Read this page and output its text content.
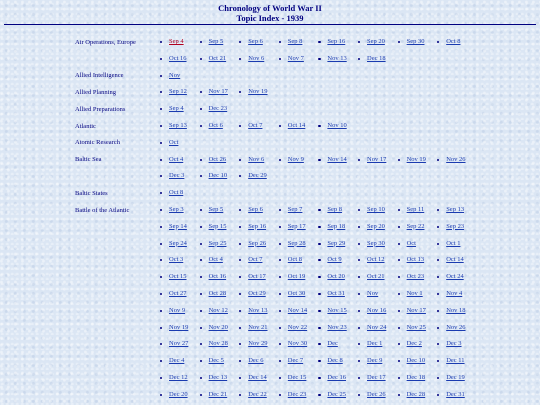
Chronology of World War II
Topic Index - 1939
Air Operations, Europe	Sep 4	Sep 5	Sep 6	Sep 8	Sep 16	Sep 20	Sep 30	Oct 8
Oct 16	Oct 21	Nov 6	Nov 7	Nov 13	Dec 18
Allied Intelligence	Nov
Allied Planning	Sep 12	Nov 17	Nov 19
Allied Preparations	Sep 4	Dec 23
Atlantic	Sep 13	Oct 6	Oct 7	Oct 14	Nov 10
Atomic Research	Oct
Baltic Sea	Oct 4	Oct 26	Nov 6	Nov 9	Nov 14	Nov 17	Nov 19	Nov 26
Dec 3	Dec 10	Dec 29
Baltic States	Oct 8
Battle of the Atlantic	Sep 3	Sep 5	Sep 6	Sep 7	Sep 8	Sep 10	Sep 11	Sep 13
Sep 14	Sep 15	Sep 16	Sep 17	Sep 18	Sep 20	Sep 22	Sep 23
Sep 24	Sep 25	Sep 26	Sep 28	Sep 29	Sep 30	Oct	Oct 1
Oct 3	Oct 4	Oct 7	Oct 8	Oct 9	Oct 12	Oct 13	Oct 14
Oct 15	Oct 16	Oct 17	Oct 19	Oct 20	Oct 21	Oct 23	Oct 24
Oct 27	Oct 28	Oct 29	Oct 30	Oct 31	Nov	Nov 1	Nov 4
Nov 9	Nov 12	Nov 13	Nov 14	Nov 15	Nov 16	Nov 17	Nov 18
Nov 19	Nov 20	Nov 21	Nov 22	Nov 23	Nov 24	Nov 25	Nov 26
Nov 27	Nov 28	Nov 29	Nov 30	Dec	Dec 1	Dec 2	Dec 3
Dec 4	Dec 5	Dec 6	Dec 7	Dec 8	Dec 9	Dec 10	Dec 11
Dec 12	Dec 13	Dec 14	Dec 15	Dec 16	Dec 17	Dec 18	Dec 19
Dec 20	Dec 21	Dec 22	Dec 23	Dec 25	Dec 26	Dec 28	Dec 31
